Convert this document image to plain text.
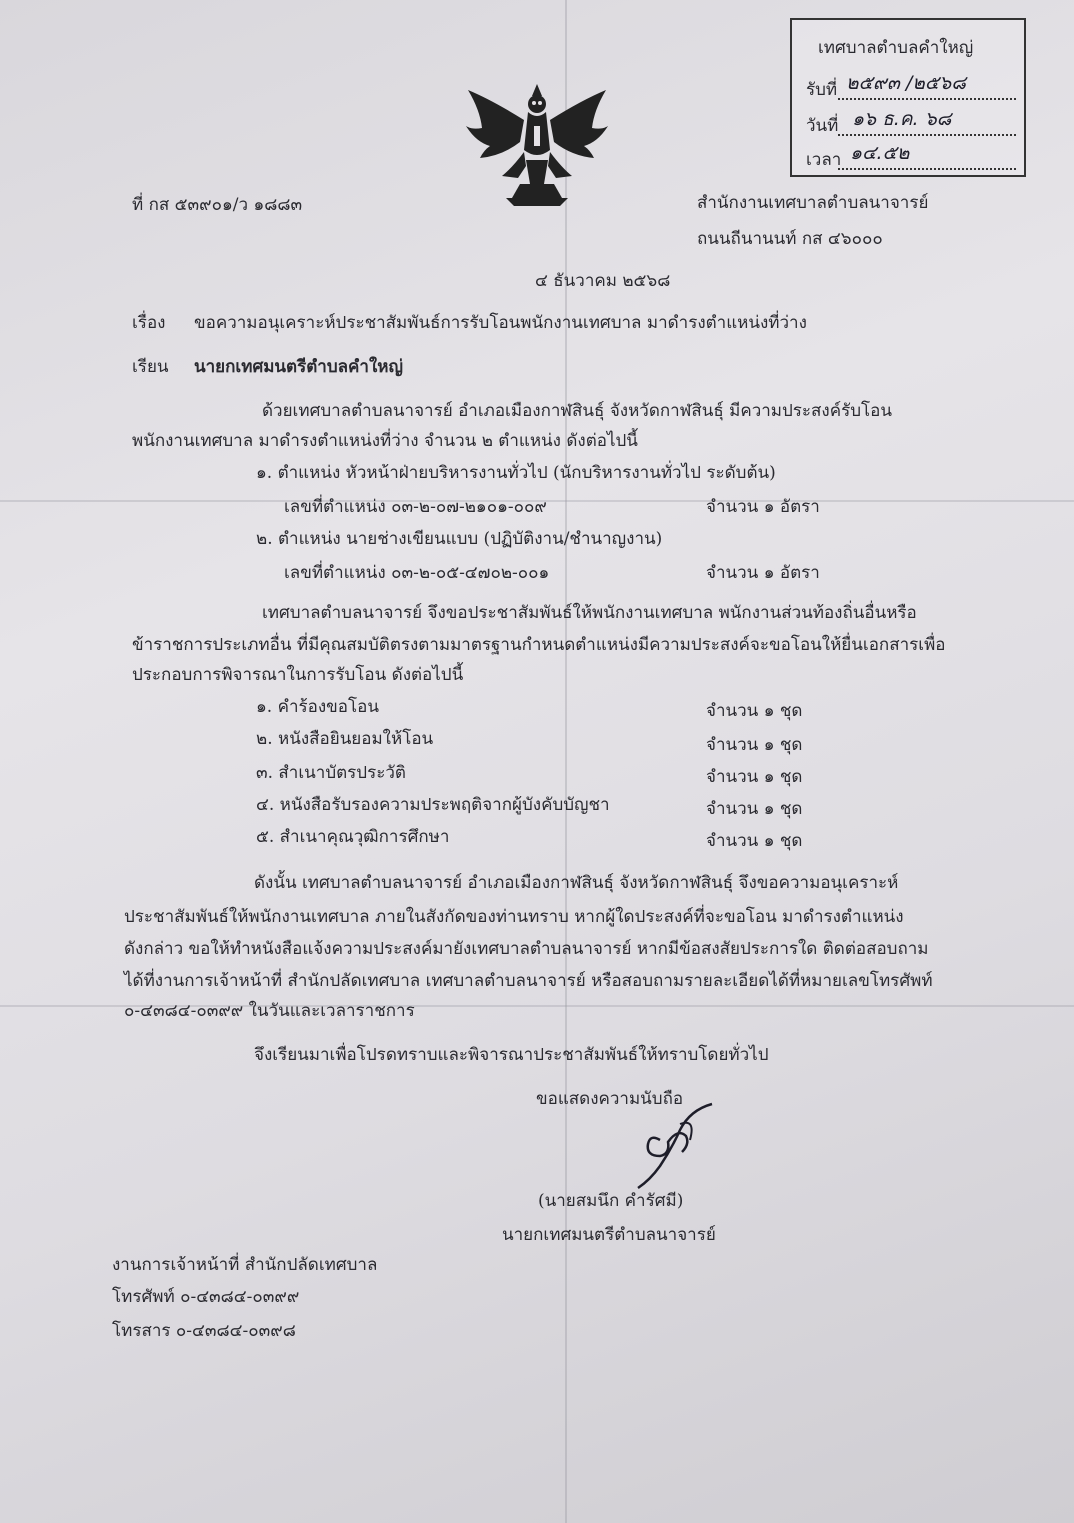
เทศบาลตำบลคำใหญ่
รับที่ ๒๕๙๓ /๒๕๖๘
วันที่ ๑๖ ธ.ค. ๖๘
เวลา ๑๔.๕๒
ที่ กส ๕๓๙๐๑/ว ๑๘๘๓	สำนักงานเทศบาลตำบลนาจารย์
ถนนถีนานนท์ กส ๔๖๐๐๐
๔ ธันวาคม ๒๕๖๘
เรื่อง ขอความอนุเคราะห์ประชาสัมพันธ์การรับโอนพนักงานเทศบาล มาดำรงตำแหน่งที่ว่าง
เรียน นายกเทศมนตรีตำบลคำใหญ่
ด้วยเทศบาลตำบลนาจารย์ อำเภอเมืองกาฬสินธุ์ จังหวัดกาฬสินธุ์ มีความประสงค์รับโอน
พนักงานเทศบาล มาดำรงตำแหน่งที่ว่าง จำนวน ๒ ตำแหน่ง ดังต่อไปนี้
๑. ตำแหน่ง หัวหน้าฝ่ายบริหารงานทั่วไป (นักบริหารงานทั่วไป ระดับต้น)
เลขที่ตำแหน่ง ๐๓-๒-๐๗-๒๑๐๑-๐๐๙	จำนวน ๑ อัตรา
๒. ตำแหน่ง นายช่างเขียนแบบ (ปฏิบัติงาน/ชำนาญงาน)
เลขที่ตำแหน่ง ๐๓-๒-๐๕-๔๗๐๒-๐๐๑	จำนวน ๑ อัตรา
เทศบาลตำบลนาจารย์ จึงขอประชาสัมพันธ์ให้พนักงานเทศบาล พนักงานส่วนท้องถิ่นอื่นหรือ
ข้าราชการประเภทอื่น ที่มีคุณสมบัติตรงตามมาตรฐานกำหนดตำแหน่งมีความประสงค์จะขอโอนให้ยื่นเอกสารเพื่อ
ประกอบการพิจารณาในการรับโอน ดังต่อไปนี้
๑. คำร้องขอโอน	จำนวน ๑ ชุด
๒. หนังสือยินยอมให้โอน	จำนวน ๑ ชุด
๓. สำเนาบัตรประวัติ	จำนวน ๑ ชุด
๔. หนังสือรับรองความประพฤติจากผู้บังคับบัญชา	จำนวน ๑ ชุด
๕. สำเนาคุณวุฒิการศึกษา	จำนวน ๑ ชุด
ดังนั้น เทศบาลตำบลนาจารย์ อำเภอเมืองกาฬสินธุ์ จังหวัดกาฬสินธุ์ จึงขอความอนุเคราะห์
ประชาสัมพันธ์ให้พนักงานเทศบาล ภายในสังกัดของท่านทราบ หากผู้ใดประสงค์ที่จะขอโอน มาดำรงตำแหน่ง
ดังกล่าว ขอให้ทำหนังสือแจ้งความประสงค์มายังเทศบาลตำบลนาจารย์ หากมีข้อสงสัยประการใด ติดต่อสอบถาม
ได้ที่งานการเจ้าหน้าที่ สำนักปลัดเทศบาล เทศบาลตำบลนาจารย์ หรือสอบถามรายละเอียดได้ที่หมายเลขโทรศัพท์
๐-๔๓๘๔-๐๓๙๙ ในวันและเวลาราชการ
จึงเรียนมาเพื่อโปรดทราบและพิจารณาประชาสัมพันธ์ให้ทราบโดยทั่วไป
ขอแสดงความนับถือ
(นายสมนึก คำรัศมี)
นายกเทศมนตรีตำบลนาจารย์
งานการเจ้าหน้าที่ สำนักปลัดเทศบาล
โทรศัพท์ ๐-๔๓๘๔-๐๓๙๙
โทรสาร ๐-๔๓๘๔-๐๓๙๘
